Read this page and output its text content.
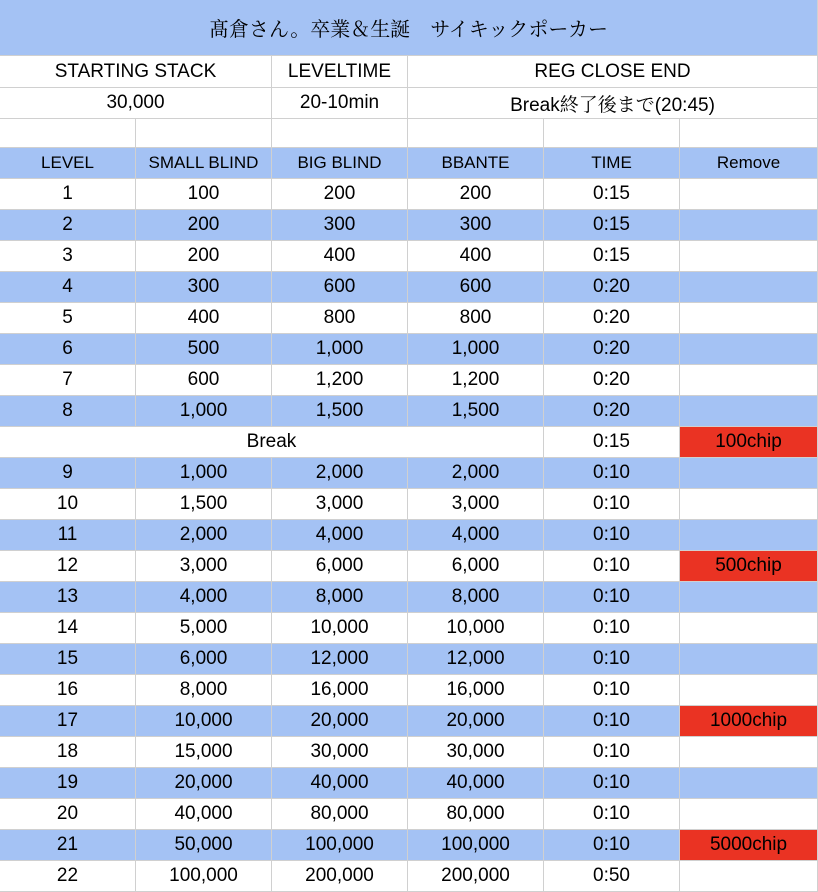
髙倉さん。卒業＆生誕　サイキックポーカー
STARTING STACK	LEVELTIME	REG CLOSE END
30,000	20-10min	Break終了後まで(20:45)
LEVEL	SMALL BLIND	BIG BLIND	BBANTE	TIME	Remove
1	100	200	200	0:15
2	200	300	300	0:15
3	200	400	400	0:15
4	300	600	600	0:20
5	400	800	800	0:20
6	500	1,000	1,000	0:20
7	600	1,200	1,200	0:20
8	1,000	1,500	1,500	0:20
Break	0:15	100chip
9	1,000	2,000	2,000	0:10
10	1,500	3,000	3,000	0:10
11	2,000	4,000	4,000	0:10
12	3,000	6,000	6,000	0:10	500chip
13	4,000	8,000	8,000	0:10
14	5,000	10,000	10,000	0:10
15	6,000	12,000	12,000	0:10
16	8,000	16,000	16,000	0:10
17	10,000	20,000	20,000	0:10	1000chip
18	15,000	30,000	30,000	0:10
19	20,000	40,000	40,000	0:10
20	40,000	80,000	80,000	0:10
21	50,000	100,000	100,000	0:10	5000chip
22	100,000	200,000	200,000	0:50
